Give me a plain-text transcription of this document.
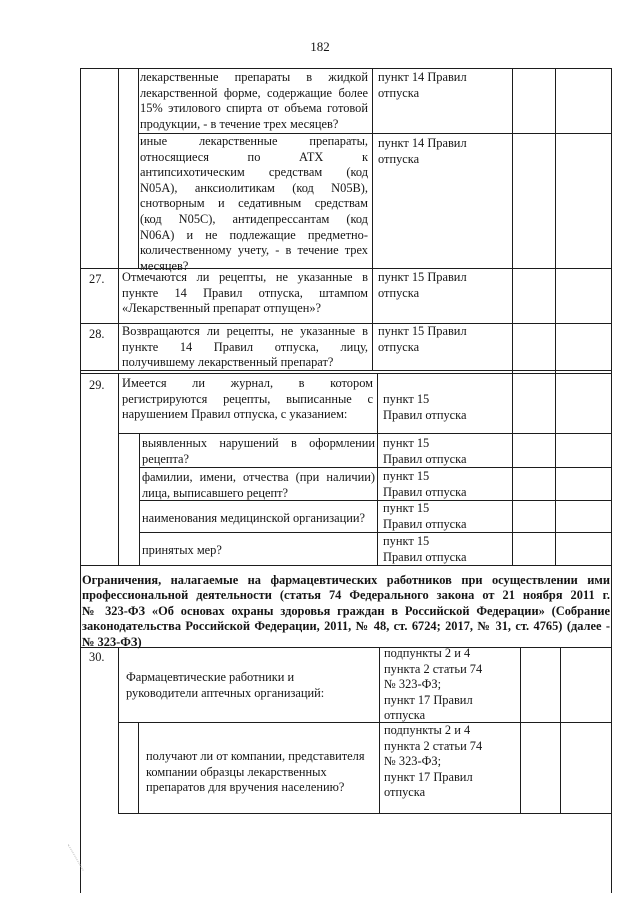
182
лекарственные препараты в жидкой
лекарственной форме, содержащие более
15% этилового спирта от объема готовой
продукции, - в течение трех месяцев?
пункт 14 Правил
отпуска
иные лекарственные препараты,
относящиеся по АТХ к
антипсихотическим средствам (код
N05A), анксиолитикам (код N05B),
снотворным и седативным средствам
(код N05C), антидепрессантам (код
N06A) и не подлежащие предметно-
количественному учету, - в течение трех
месяцев?
пункт 14 Правил
отпуска
27. Отмечаются ли рецепты, не указанные в
пункте 14 Правил отпуска, штампом
«Лекарственный препарат отпущен»?
пункт 15 Правил
отпуска
28. Возвращаются ли рецепты, не указанные в
пункте 14 Правил отпуска, лицу,
получившему лекарственный препарат?
пункт 15 Правил
отпуска
29. Имеется ли журнал, в котором
регистрируются рецепты, выписанные с
нарушением Правил отпуска, с указанием:
пункт 15
Правил отпуска
выявленных нарушений в оформлении
рецепта?
пункт 15
Правил отпуска
фамилии, имени, отчества (при наличии)
лица, выписавшего рецепт?
пункт 15
Правил отпуска
наименования медицинской организации?
пункт 15
Правил отпуска
принятых мер?
пункт 15
Правил отпуска
Ограничения, налагаемые на фармацевтических работников при осуществлении ими
профессиональной деятельности (статья 74 Федерального закона от 21 ноября 2011 г.
№ 323-ФЗ «Об основах охраны здоровья граждан в Российской Федерации» (Собрание
законодательства Российской Федерации, 2011, № 48, ст. 6724; 2017, № 31, ст. 4765) (далее -
№ 323-ФЗ)
30.
Фармацевтические работники и
руководители аптечных организаций:
подпункты 2 и 4
пункта 2 статьи 74
№ 323-ФЗ;
пункт 17 Правил
отпуска
получают ли от компании, представителя
компании образцы лекарственных
препаратов для вручения населению?
подпункты 2 и 4
пункта 2 статьи 74
№ 323-ФЗ;
пункт 17 Правил
отпуска
